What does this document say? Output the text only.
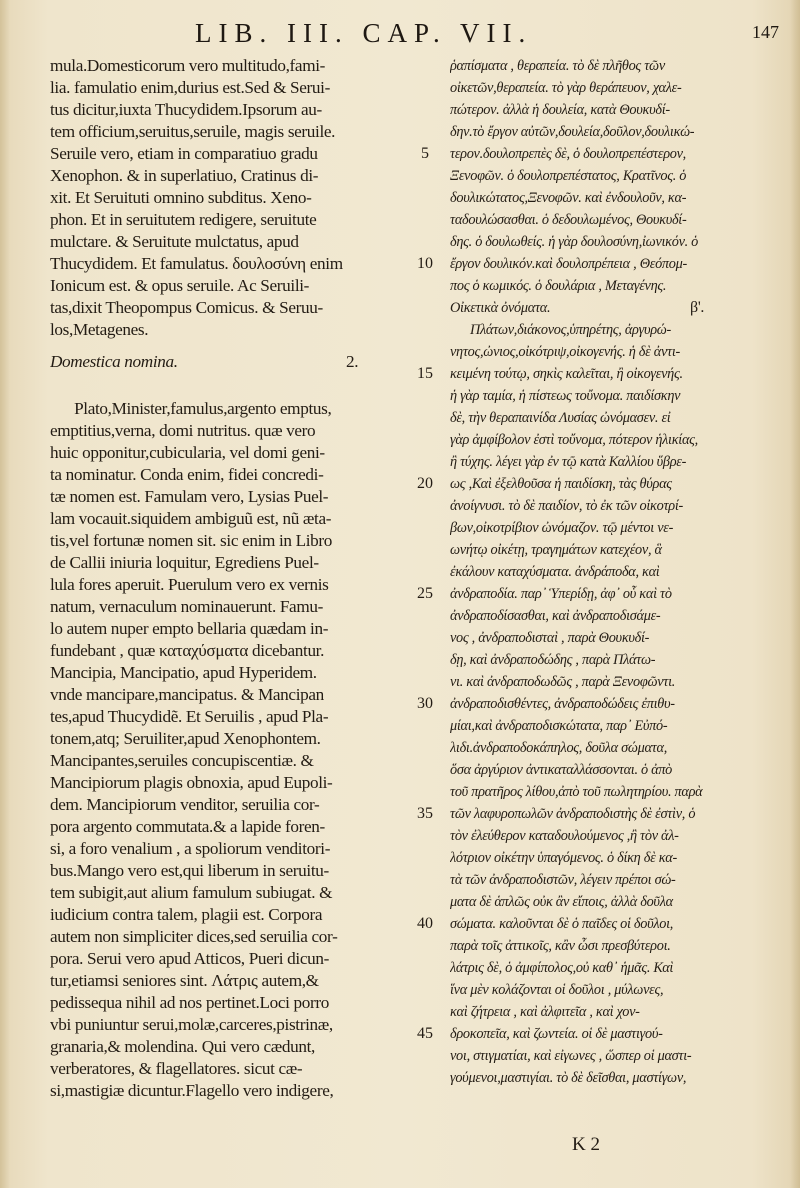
LIB. III. CAP. VII.	147
mula.Domesticorum vero multitudo,fami-
lia. famulatio enim,durius est.Sed & Serui-
tus dicitur,iuxta Thucydidem.Ipsorum au-
tem officium,seruitus,seruile, magis seruile.
Seruile vero, etiam in comparatiuo gradu
Xenophon. & in superlatiuo, Cratinus di-
xit. Et Seruituti omnino subditus. Xeno-
phon. Et in seruitutem redigere, seruitute
mulctare. & Seruitute mulctatus, apud
Thucydidem. Et famulatus. δουλοσύνη enim
Ionicum est. & opus seruile. Ac Seruili-
tas,dixit Theopompus Comicus. & Seruu-
los,Metagenes.
Domestica nomina.	2.
Plato,Minister,famulus,argento emptus,
emptitius,verna, domi nutritus. quæ vero
huic opponitur,cubicularia, vel domi geni-
ta nominatur. Conda enim, fidei concredi-
tæ nomen est. Famulam vero, Lysias Puel-
lam vocauit.siquidem ambiguũ est, nũ æta-
tis,vel fortunæ nomen sit. sic enim in Libro
de Callii iniuria loquitur, Egrediens Puel-
lula fores aperuit. Puerulum vero ex vernis
natum, vernaculum nominauerunt. Famu-
lo autem nuper empto bellaria quædam in-
fundebant , quæ καταχύσματα dicebantur.
Mancipia, Mancipatio, apud Hyperidem.
vnde mancipare,mancipatus. & Mancipan
tes,apud Thucydidẽ. Et Seruilis , apud Pla-
tonem,atq; Seruiliter,apud Xenophontem.
Mancipantes,seruiles concupiscentiæ. &
Mancipiorum plagis obnoxia, apud Eupoli-
dem. Mancipiorum venditor, seruilia cor-
pora argento commutata.& a lapide foren-
si, a foro venalium , a spoliorum venditori-
bus.Mango vero est,qui liberum in seruitu-
tem subigit,aut alium famulum subiugat. &
iudicium contra talem, plagii est. Corpora
autem non simpliciter dices,sed seruilia cor-
pora. Serui vero apud Atticos, Pueri dicun-
tur,etiamsi seniores sint. Λάτρις autem,&
pedissequa nihil ad nos pertinet.Loci porro
vbi puniuntur serui,molæ,carceres,pistrinæ,
granaria,& molendina. Qui vero cædunt,
verberatores, & flagellatores. sicut cæ-
si,mastigiæ dicuntur.Flagello vero indigere,
5
10
15
20
25
30
35
40
45
ῥαπίσματα , θεραπεία. τὸ δὲ πλῆθος τῶν
οἰκετῶν,θεραπεία. τὸ γὰρ θεράπευον, χαλε-
πώτερον. ἀλλὰ ἡ δουλεία, κατὰ Θουκυδί-
δην.τὸ ἔργον αὐτῶν,δουλεία,δοῦλον,δουλικώ-
τερον.δουλοπρεπὲς δὲ, ὁ δουλοπρεπέστερον,
Ξενοφῶν. ὁ δουλοπρεπέστατος, Κρατῖνος. ὁ
δουλικώτατος,Ξενοφῶν. καὶ ἐνδουλοῦν, κα-
ταδουλώσασθαι. ὁ δεδουλωμένος, Θουκυδί-
δης. ὁ δουλωθείς. ἡ γὰρ δουλοσύνη,ἰωνικόν. ὁ
ἔργον δουλικόν.καὶ δουλοπρέπεια , Θεόπομ-
πος ὁ κωμικός. ὁ δουλάρια , Μεταγένης.
Οἰκετικὰ ὀνόματα.	β'.
Πλάτων,διάκονος,ὑπηρέτης, ἀργυρώ-
νητος,ὠνιος,οἰκότριψ,οἰκογενής. ἡ δὲ ἀντι-
κειμένη τούτῳ, σηκὶς καλεῖται, ἢ οἰκογενής.
ἡ γὰρ ταμία, ἡ πίστεως τοὔνομα. παιδίσκην
δὲ, τὴν θεραπαινίδα Λυσίας ὠνόμασεν. εἰ
γὰρ ἀμφίβολον ἐστὶ τοὔνομα, πότερον ἡλικίας,
ἢ τύχης. λέγει γὰρ ἐν τῷ κατὰ Καλλίου ὕβρε-
ως ,Καὶ ἐξελθοῦσα ἡ παιδίσκη, τὰς θύρας
ἀνοίγνυσι. τὸ δὲ παιδίον, τὸ ἐκ τῶν οἰκοτρί-
βων,οἰκοτρίβιον ὠνόμαζον. τῷ μέντοι νε-
ωνήτῳ οἰκέτῃ, τραγημάτων κατεχέον, ἃ
ἐκάλουν καταχύσματα. ἀνδράποδα, καὶ
ἀνδραποδία. παρ᾽ Ὑπερίδῃ, ἀφ᾽ οὗ καὶ τὸ
ἀνδραποδίσασθαι, καὶ ἀνδραποδισάμε-
νος , ἀνδραποδισταὶ , παρὰ Θουκυδί-
δῃ, καὶ ἀνδραποδώδης , παρὰ Πλάτω-
νι. καὶ ἀνδραποδωδῶς , παρὰ Ξενοφῶντι.
ἀνδραποδισθέντες, ἀνδραποδώδεις ἐπιθυ-
μίαι,καὶ ἀνδραποδισκώτατα, παρ᾽ Εὐπό-
λιδι.ἀνδραποδοκάπηλος, δοῦλα σώματα,
ὅσα ἀργύριον ἀντικαταλλάσσονται. ὁ ἀπὸ
τοῦ πρατῆρος λίθου,ἀπὸ τοῦ πωλητηρίου. παρὰ
τῶν λαφυροπωλῶν ἀνδραποδιστὴς δὲ ἐστὶν, ὁ
τὸν ἐλεύθερον καταδουλούμενος ,ἢ τὸν ἀλ-
λότριον οἰκέτην ὑπαγόμενος. ὁ δίκη δὲ κα-
τὰ τῶν ἀνδραποδιστῶν, λέγειν πρέποι σώ-
ματα δὲ ἁπλῶς οὐκ ἂν εἴποις, ἀλλὰ δοῦλα
σώματα. καλοῦνται δὲ ὁ παῖδες οἱ δοῦλοι,
παρὰ τοῖς ἀττικοῖς, κἂν ὦσι πρεσβύτεροι.
λάτρις δὲ, ὁ ἀμφίπολος,οὐ καθ᾽ ἡμᾶς. Καὶ
ἵνα μὲν κολάζονται οἱ δοῦλοι , μύλωνες,
καὶ ζήτρεια , καὶ ἀλφιτεῖα , καὶ χον-
δροκοπεῖα, καὶ ζωντεία. οἱ δὲ μαστιγού-
νοι, στιγματίαι, καὶ εἰγωνες , ὥσπερ οἱ μαστι-
γούμενοι,μαστιγίαι. τὸ δὲ δεῖσθαι, μαστίγων,
K 2
